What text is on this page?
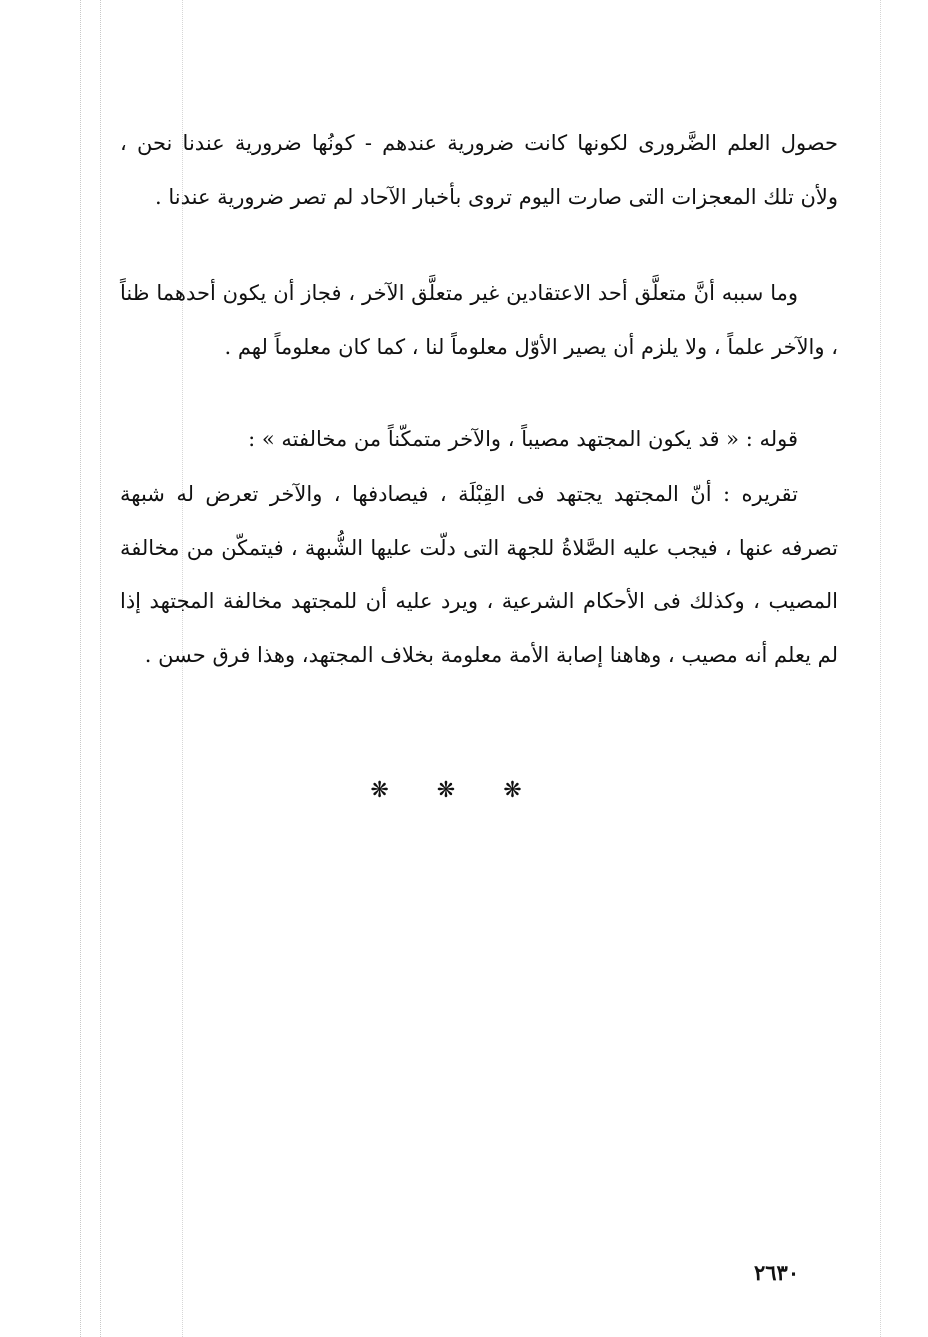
حصول العلم الضَّرورى لكونها كانت ضرورية عندهم - كونُها ضرورية عندنا نحن ، ولأن تلك المعجزات التى صارت اليوم تروى بأخبار الآحاد لم تصر ضرورية عندنا .

وما سببه أنَّ متعلَّق أحد الاعتقادين غير متعلَّق الآخر ، فجاز أن يكون أحدهما ظناً ، والآخر علماً ، ولا يلزم أن يصير الأوّل معلوماً لنا ، كما كان معلوماً لهم .

قوله : « قد يكون المجتهد مصيباً ، والآخر متمكّناً من مخالفته » :

تقريره : أنّ المجتهد يجتهد فى القِبْلَة ، فيصادفها ، والآخر تعرض له شبهة تصرفه عنها ، فيجب عليه الصَّلاةُ للجهة التى دلّت عليها الشُّبهة ، فيتمكّن من مخالفة المصيب ، وكذلك فى الأحكام الشرعية ، ويرد عليه أن للمجتهد مخالفة المجتهد إذا لم يعلم أنه مصيب ، وهاهنا إصابة الأمة معلومة بخلاف المجتهد، وهذا فرق حسن .

❋ ❋ ❋
٢٦٣٠
